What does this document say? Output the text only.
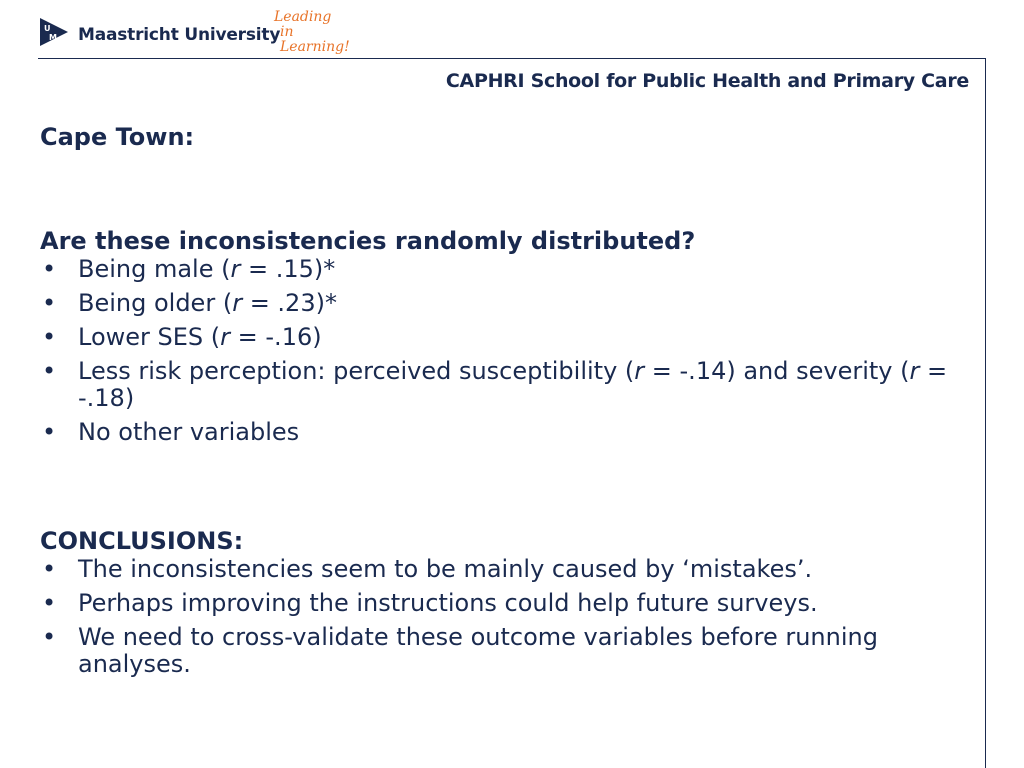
U
M Maastricht University
Leading
in Learning!
CAPHRI School for Public Health and Primary Care

Cape Town:

Are these inconsistencies randomly distributed?

• Being male (r = .15)*
• Being older (r = .23)*
• Lower SES (r = -.16)
• Less risk perception: perceived susceptibility (r = -.14) and severity (r = -.18)
• No other variables

CONCLUSIONS:

• The inconsistencies seem to be mainly caused by ‘mistakes’.
• Perhaps improving the instructions could help future surveys.
• We need to cross-validate these outcome variables before running analyses.
